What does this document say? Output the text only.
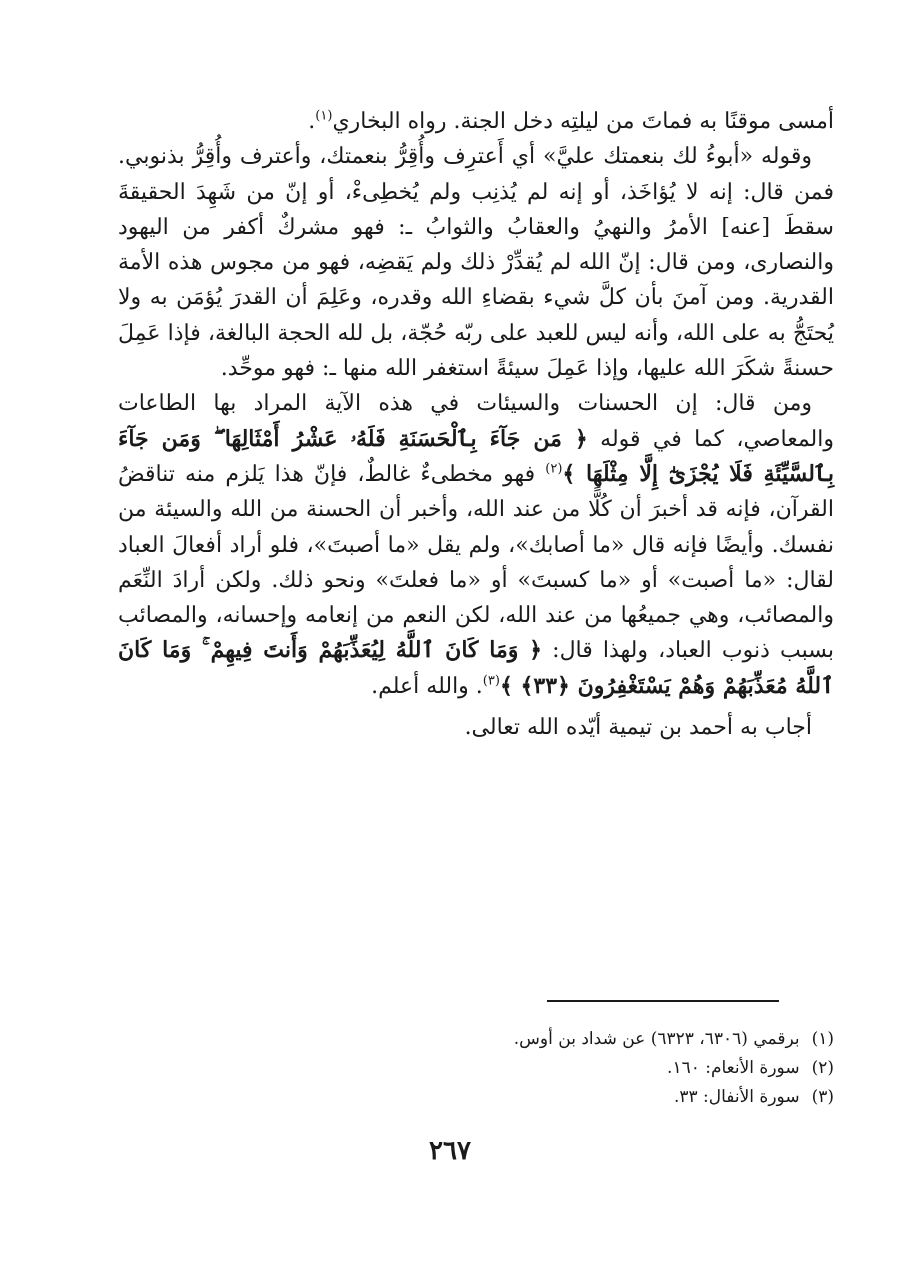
أمسى موقنًا به فماتَ من ليلتِه دخل الجنة. رواه البخاري$^{(١)}$.

وقوله «أبوءُ لك بنعمتك عليَّ» أي أَعترِف وأُقِرُّ بنعمتك، وأعترف وأُقِرُّ بذنوبي. فمن قال: إنه لا يُؤاخَذ، أو إنه لم يُذنِب ولم يُخطِىءْ، أو إنّ من شَهِدَ الحقيقةَ سقطَ [عنه] الأمرُ والنهيُ والعقابُ والثوابُ ـ: فهو مشركٌ أكفر من اليهود والنصارى، ومن قال: إنّ الله لم يُقدِّرْ ذلك ولم يَقضِه، فهو من مجوس هذه الأمة القدرية. ومن آمنَ بأن كلَّ شيء بقضاءِ الله وقدره، وعَلِمَ أن القدرَ يُؤمَن به ولا يُحتَجُّ به على الله، وأنه ليس للعبد على ربّه حُجّة، بل لله الحجة البالغة، فإذا عَمِلَ حسنةً شكَرَ الله عليها، وإذا عَمِلَ سيئةً استغفر الله منها ـ: فهو موحِّد.

ومن قال: إن الحسنات والسيئات في هذه الآية المراد بها الطاعات والمعاصي، كما في قوله ﴿ مَن جَآءَ بِٱلْحَسَنَةِ فَلَهُۥ عَشْرُ أَمْثَالِهَا ۖ وَمَن جَآءَ بِٱلسَّيِّئَةِ فَلَا يُجْزَىٰٓ إِلَّا مِثْلَهَا ﴾$^{(٢)}$ فهو مخطىءٌ غالطٌ، فإنّ هذا يَلزم منه تناقضُ القرآن، فإنه قد أخبرَ أن كُلًّا من عند الله، وأخبر أن الحسنة من الله والسيئة من نفسك. وأيضًا فإنه قال «ما أصابك»، ولم يقل «ما أصبتَ»، فلو أراد أفعالَ العباد لقال: «ما أصبت» أو «ما كسبتَ» أو «ما فعلتَ» ونحو ذلك. ولكن أرادَ النِّعَم والمصائب، وهي جميعُها من عند الله، لكن النعم من إنعامه وإحسانه، والمصائب بسبب ذنوب العباد، ولهذا قال: ﴿ وَمَا كَانَ ٱللَّهُ لِيُعَذِّبَهُمْ وَأَنتَ فِيهِمْ ۚ وَمَا كَانَ ٱللَّهُ مُعَذِّبَهُمْ وَهُمْ يَسْتَغْفِرُونَ ﴿٣٣﴾ ﴾$^{(٣)}$. والله أعلم.

أجاب به أحمد بن تيمية أيّده الله تعالى.

(١)برقمي (٦٣٠٦، ٦٣٢٣) عن شداد بن أوس.
(٢)سورة الأنعام: ١٦٠.
(٣)سورة الأنفال: ٣٣.
٢٦٧
